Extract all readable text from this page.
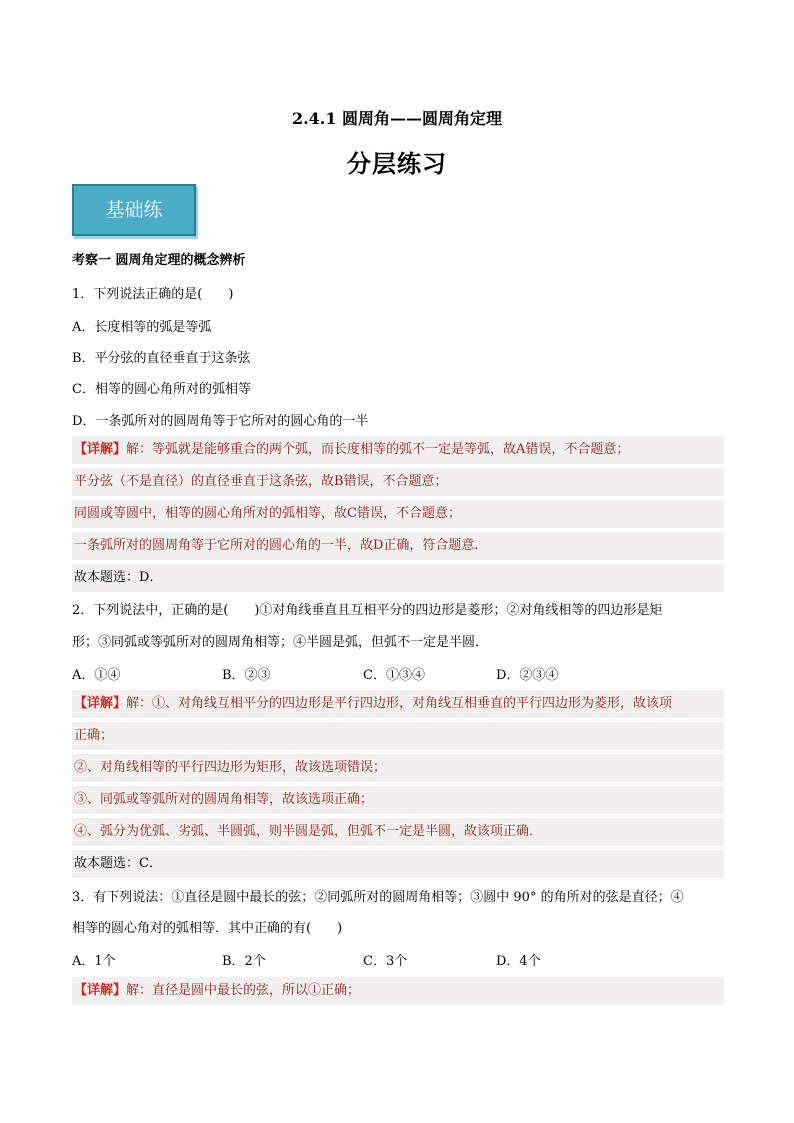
2.4.1 圆周角——圆周角定理
分层练习
基础练
考察一 圆周角定理的概念辨析
1．下列说法正确的是(　　)
A．长度相等的弧是等弧
B．平分弦的直径垂直于这条弦
C．相等的圆心角所对的弧相等
D．一条弧所对的圆周角等于它所对的圆心角的一半
【详解】解：等弧就是能够重合的两个弧，而长度相等的弧不一定是等弧，故A错误，不合题意；
平分弦（不是直径）的直径垂直于这条弦，故B错误，不合题意；
同圆或等圆中，相等的圆心角所对的弧相等，故C错误，不合题意；
一条弧所对的圆周角等于它所对的圆心角的一半，故D正确，符合题意．
故本题选：D．
2．下列说法中，正确的是(　　)①对角线垂直且互相平分的四边形是菱形；②对角线相等的四边形是矩
形；③同弧或等弧所对的圆周角相等；④半圆是弧，但弧不一定是半圆．
A．①④	B．②③	C．①③④	D．②③④
【详解】解：①、对角线互相平分的四边形是平行四边形，对角线互相垂直的平行四边形为菱形，故该项
正确；
②、对角线相等的平行四边形为矩形，故该选项错误；
③、同弧或等弧所对的圆周角相等，故该选项正确；
④、弧分为优弧、劣弧、半圆弧，则半圆是弧，但弧不一定是半圆，故该项正确．
故本题选：C．
3．有下列说法：①直径是圆中最长的弦；②同弧所对的圆周角相等；③圆中 90° 的角所对的弦是直径；④
相等的圆心角对的弧相等．其中正确的有(　　)
A．1个	B．2个	C．3个	D．4个
【详解】解：直径是圆中最长的弦，所以①正确；
